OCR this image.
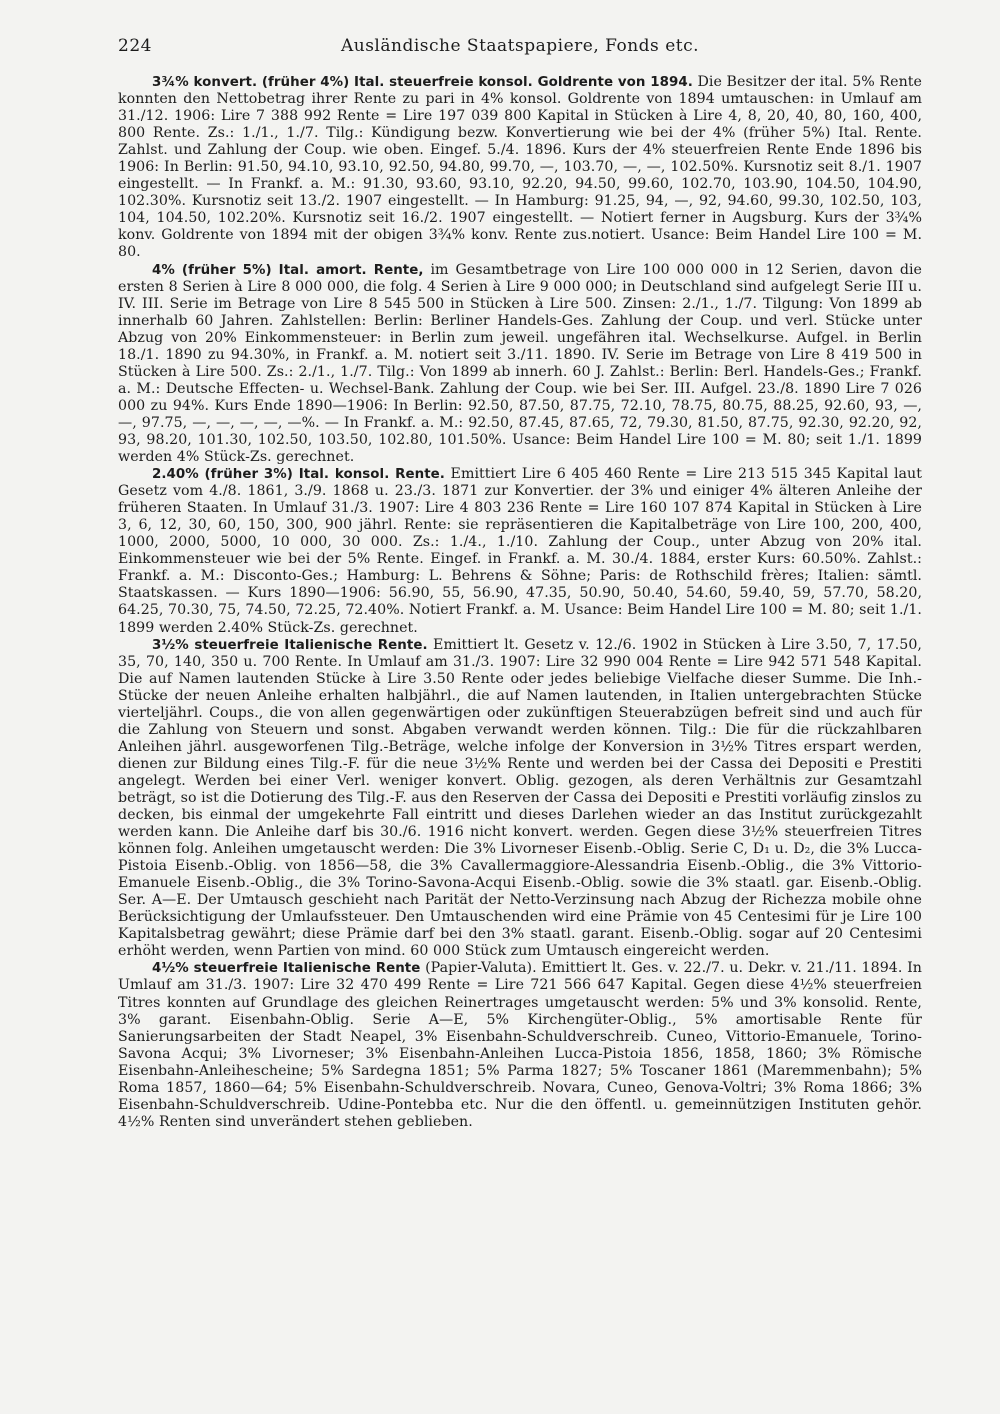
224	Ausländische Staatspapiere, Fonds etc.

3¾% konvert. (früher 4%) Ital. steuerfreie konsol. Goldrente von 1894. Die Besitzer der ital. 5% Rente konnten den Nettobetrag ihrer Rente zu pari in 4% konsol. Goldrente von 1894 umtauschen: in Umlauf am 31./12. 1906: Lire 7 388 992 Rente = Lire 197 039 800 Kapital in Stücken à Lire 4, 8, 20, 40, 80, 160, 400, 800 Rente. Zs.: 1./1., 1./7. Tilg.: Kündigung bezw. Konvertierung wie bei der 4% (früher 5%) Ital. Rente. Zahlst. und Zahlung der Coup. wie oben. Eingef. 5./4. 1896. Kurs der 4% steuerfreien Rente Ende 1896 bis 1906: In Berlin: 91.50, 94.10, 93.10, 92.50, 94.80, 99.70, —, 103.70, —, —, 102.50%. Kursnotiz seit 8./1. 1907 eingestellt. — In Frankf. a. M.: 91.30, 93.60, 93.10, 92.20, 94.50, 99.60, 102.70, 103.90, 104.50, 104.90, 102.30%. Kursnotiz seit 13./2. 1907 eingestellt. — In Hamburg: 91.25, 94, —, 92, 94.60, 99.30, 102.50, 103, 104, 104.50, 102.20%. Kursnotiz seit 16./2. 1907 eingestellt. — Notiert ferner in Augsburg. Kurs der 3¾% konv. Goldrente von 1894 mit der obigen 3¾% konv. Rente zus.notiert. Usance: Beim Handel Lire 100 = M. 80.

4% (früher 5%) Ital. amort. Rente, im Gesamtbetrage von Lire 100 000 000 in 12 Serien, davon die ersten 8 Serien à Lire 8 000 000, die folg. 4 Serien à Lire 9 000 000; in Deutschland sind aufgelegt Serie III u. IV. III. Serie im Betrage von Lire 8 545 500 in Stücken à Lire 500. Zinsen: 2./1., 1./7. Tilgung: Von 1899 ab innerhalb 60 Jahren. Zahlstellen: Berlin: Berliner Handels-Ges. Zahlung der Coup. und verl. Stücke unter Abzug von 20% Einkommensteuer: in Berlin zum jeweil. ungefähren ital. Wechselkurse. Aufgel. in Berlin 18./1. 1890 zu 94.30%, in Frankf. a. M. notiert seit 3./11. 1890. IV. Serie im Betrage von Lire 8 419 500 in Stücken à Lire 500. Zs.: 2./1., 1./7. Tilg.: Von 1899 ab innerh. 60 J. Zahlst.: Berlin: Berl. Handels-Ges.; Frankf. a. M.: Deutsche Effecten- u. Wechsel-Bank. Zahlung der Coup. wie bei Ser. III. Aufgel. 23./8. 1890 Lire 7 026 000 zu 94%. Kurs Ende 1890—1906: In Berlin: 92.50, 87.50, 87.75, 72.10, 78.75, 80.75, 88.25, 92.60, 93, —, —, 97.75, —, —, —, —, —%. — In Frankf. a. M.: 92.50, 87.45, 87.65, 72, 79.30, 81.50, 87.75, 92.30, 92.20, 92, 93, 98.20, 101.30, 102.50, 103.50, 102.80, 101.50%. Usance: Beim Handel Lire 100 = M. 80; seit 1./1. 1899 werden 4% Stück-Zs. gerechnet.

2.40% (früher 3%) Ital. konsol. Rente. Emittiert Lire 6 405 460 Rente = Lire 213 515 345 Kapital laut Gesetz vom 4./8. 1861, 3./9. 1868 u. 23./3. 1871 zur Konvertier. der 3% und einiger 4% älteren Anleihe der früheren Staaten. In Umlauf 31./3. 1907: Lire 4 803 236 Rente = Lire 160 107 874 Kapital in Stücken à Lire 3, 6, 12, 30, 60, 150, 300, 900 jährl. Rente: sie repräsentieren die Kapitalbeträge von Lire 100, 200, 400, 1000, 2000, 5000, 10 000, 30 000. Zs.: 1./4., 1./10. Zahlung der Coup., unter Abzug von 20% ital. Einkommensteuer wie bei der 5% Rente. Eingef. in Frankf. a. M. 30./4. 1884, erster Kurs: 60.50%. Zahlst.: Frankf. a. M.: Disconto-Ges.; Hamburg: L. Behrens & Söhne; Paris: de Rothschild frères; Italien: sämtl. Staatskassen. — Kurs 1890—1906: 56.90, 55, 56.90, 47.35, 50.90, 50.40, 54.60, 59.40, 59, 57.70, 58.20, 64.25, 70.30, 75, 74.50, 72.25, 72.40%. Notiert Frankf. a. M. Usance: Beim Handel Lire 100 = M. 80; seit 1./1. 1899 werden 2.40% Stück-Zs. gerechnet.

3½% steuerfreie Italienische Rente. Emittiert lt. Gesetz v. 12./6. 1902 in Stücken à Lire 3.50, 7, 17.50, 35, 70, 140, 350 u. 700 Rente. In Umlauf am 31./3. 1907: Lire 32 990 004 Rente = Lire 942 571 548 Kapital. Die auf Namen lautenden Stücke à Lire 3.50 Rente oder jedes beliebige Vielfache dieser Summe. Die Inh.-Stücke der neuen Anleihe erhalten halbjährl., die auf Namen lautenden, in Italien untergebrachten Stücke vierteljährl. Coups., die von allen gegenwärtigen oder zukünftigen Steuerabzügen befreit sind und auch für die Zahlung von Steuern und sonst. Abgaben verwandt werden können. Tilg.: Die für die rückzahlbaren Anleihen jährl. ausgeworfenen Tilg.-Beträge, welche infolge der Konversion in 3½% Titres erspart werden, dienen zur Bildung eines Tilg.-F. für die neue 3½% Rente und werden bei der Cassa dei Depositi e Prestiti angelegt. Werden bei einer Verl. weniger konvert. Oblig. gezogen, als deren Verhältnis zur Gesamtzahl beträgt, so ist die Dotierung des Tilg.-F. aus den Reserven der Cassa dei Depositi e Prestiti vorläufig zinslos zu decken, bis einmal der umgekehrte Fall eintritt und dieses Darlehen wieder an das Institut zurückgezahlt werden kann. Die Anleihe darf bis 30./6. 1916 nicht konvert. werden. Gegen diese 3½% steuerfreien Titres können folg. Anleihen umgetauscht werden: Die 3% Livorneser Eisenb.-Oblig. Serie C, D₁ u. D₂, die 3% Lucca-Pistoia Eisenb.-Oblig. von 1856—58, die 3% Cavallermaggiore-Alessandria Eisenb.-Oblig., die 3% Vittorio-Emanuele Eisenb.-Oblig., die 3% Torino-Savona-Acqui Eisenb.-Oblig. sowie die 3% staatl. gar. Eisenb.-Oblig. Ser. A—E. Der Umtausch geschieht nach Parität der Netto-Verzinsung nach Abzug der Richezza mobile ohne Berücksichtigung der Umlaufssteuer. Den Umtauschenden wird eine Prämie von 45 Centesimi für je Lire 100 Kapitalsbetrag gewährt; diese Prämie darf bei den 3% staatl. garant. Eisenb.-Oblig. sogar auf 20 Centesimi erhöht werden, wenn Partien von mind. 60 000 Stück zum Umtausch eingereicht werden.

4½% steuerfreie Italienische Rente (Papier-Valuta). Emittiert lt. Ges. v. 22./7. u. Dekr. v. 21./11. 1894. In Umlauf am 31./3. 1907: Lire 32 470 499 Rente = Lire 721 566 647 Kapital. Gegen diese 4½% steuerfreien Titres konnten auf Grundlage des gleichen Reinertrages umgetauscht werden: 5% und 3% konsolid. Rente, 3% garant. Eisenbahn-Oblig. Serie A—E, 5% Kirchengüter-Oblig., 5% amortisable Rente für Sanierungsarbeiten der Stadt Neapel, 3% Eisenbahn-Schuldverschreib. Cuneo, Vittorio-Emanuele, Torino-Savona Acqui; 3% Livorneser; 3% Eisenbahn-Anleihen Lucca-Pistoia 1856, 1858, 1860; 3% Römische Eisenbahn-Anleihescheine; 5% Sardegna 1851; 5% Parma 1827; 5% Toscaner 1861 (Maremmenbahn); 5% Roma 1857, 1860—64; 5% Eisenbahn-Schuldverschreib. Novara, Cuneo, Genova-Voltri; 3% Roma 1866; 3% Eisenbahn-Schuldverschreib. Udine-Pontebba etc. Nur die den öffentl. u. gemeinnützigen Instituten gehör. 4½% Renten sind unverändert stehen geblieben.
